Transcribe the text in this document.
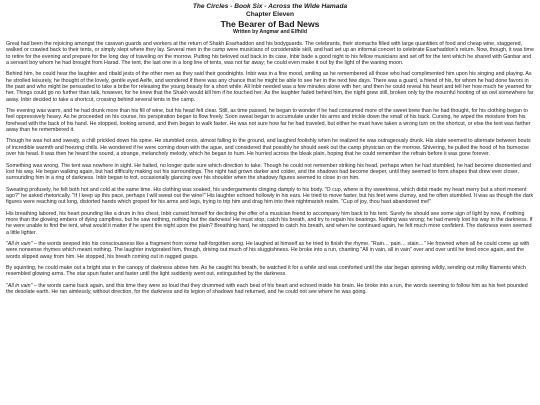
The Circles - Book Six - Across the Wide Hamada
Chapter Eleven
The Bearer of Bad News
Written by Angmar and Elfhild

Great had been the rejoicing amongst the caravan guards and workers at the return of Shakh Esarhaddon and his bodyguards. The celebrants, their stomachs filled with large quantities of food and cheap wine, staggered, walked or crawled back to their tents, or simply slept where they lay. Several men in the camp were musicians of considerable skill, and had set up an informal concert to celebrate Esarhaddon's return. Now, though, it was time to retire for the evening and prepare for the long day of traveling on the morrow. Putting his beloved oud back in its case, Inbir bade a good night to his fellow musicians and set off for the tent which he shared with Ganbar and a servant boy whom he had brought from Harad. The tent, the last one in a long line of tents, was not far away; he could even make it out by the light of the waning moon.

Behind him, he could hear the laughter and ribald jests of the other men as they said their goodnights. Inbir was in a fine mood, smiling as he remembered all those who had complimented him upon his singing and playing. As he strolled leisurely, he thought of the lovely, gentle eyed Aelfe, and wondered if there was any chance that he might be able to see her in the next few days. There was a guard, a friend of his, for whom he had done favors in the past and who might be persuaded to take a bribe for releasing the young beauty for a short while. All Inbir needed was a few minutes alone with her; and then he could reveal his heart and tell her how much he yearned for her. Things could go no further than talk, however, for he knew that the Shakh would kill him if he touched her. As the laughter faded behind him, the night grew still, broken only by the mournful hooting of an owl somewhere far away. Inbir decided to take a shortcut, crossing behind several tents in the camp.

The evening was warm, and he had drunk more than his fill of wine, but his head felt clear. Still, as time passed, he began to wonder if he had consumed more of the sweet brew than he had thought, for his clothing began to feel oppressively heavy. As he proceeded on his course, his perspiration began to flow freely. Soon sweat began to accumulate under his arms and trickle down the small of his back. Cursing, he wiped the moisture from his forehead with the back of his hand. He stopped, looking around, and then began to walk faster. He was not sure how far he had traveled, but either he must have taken a wrong turn on the shortcut, or else the tent was farther away than he remembered it.

Though he was hot and sweaty, a chill prickled down his spine. He stumbled once, almost falling to the ground, and laughed foolishly when he realized he was outrageously drunk. His state seemed to alternate between bouts of incredible warmth and freezing chills. He wondered if he were coming down with the ague, and considered that possibly he should seek out the camp physician on the morrow. Shivering, he pulled the hood of his burnoose over his head. It was then he heard the sound, a strange, melancholy melody, which he began to hum. He hurried across the bleak plain, hoping that he could remember the refrain before it was gone forever.

Something was wrong. The tent was nowhere in sight. He halted, no longer quite sure which direction to take. Though he could not remember striking his head, perhaps when he had stumbled, he had become disoriented and lost his way. He began walking again, but had difficulty making out his surroundings. The night had grown darker and colder, and the shadows had become deeper, until they seemed to form shapes that drew ever closer, surrounding him in a ring of darkness. Inbir began to trot, occasionally glancing over his shoulder when the shadowy figures seemed to close in on him.

Sweating profusely, he felt both hot and cold at the same time. His clothing was soaked, his undergarments clinging damply to his body. "O cup, where is thy sweetness, which didst made my heart merry but a short moment ago?" he asked rhetorically. "If I keep up this pace, perhaps I will sweat out the wine!" His laughter echoed hollowly in his ears. He tried to move faster, but his feet were clumsy, and he often stumbled. It was as though the dark figures were reaching out long, distorted hands which groped for his arms and legs, trying to trip him and drag him into their nightmarish realm. "Cup of joy, thou hast abandoned me!"

His breathing labored, his heart pounding like a drum in his chest, Inbir cursed himself for declining the offer of a musician friend to accompany him back to his tent. Surely he should see some sign of light by now, if nothing more than the glowing embers of dying campfires, but he saw nothing, nothing but the darkness! He must stop, catch his breath, and try to regain his bearings. Nothing was wrong; he had merely lost his way in the darkness. If he were unable to find the tent, what would it matter if he spent the night upon the plain? Breathing hard, he stopped to catch his breath, and when he continued again, he felt much more confident. The darkness even seemed a little lighter.

"All in vain" – the words seeped into his consciousness like a fragment from some half-forgotten song. He laughed at himself as he tried to finish the rhyme. "Rain… pain… stain…" He frowned when all he could come up with were nonsense rhymes which meant nothing. The laughter invigorated him, though, driving out much of his sluggishness. He broke into a run, chanting "All in vain, all in vain" over and over until he tired once again, and the words slipped away from him. He stopped, his breath coming out in ragged gasps.

By squinting, he could make out a bright star in the canopy of darkness above him. As he caught his breath, he watched it for a while and was comforted until the star began spinning wildly, sending out milky filaments which resembled glowing arms. The star spun faster and faster until the light suddenly went out, extinguished by the darkness.

"All in vain" – the words came back again, and this time they were so loud that they drummed with each beat of his heart and echoed inside his brain. He broke into a run, the words seeming to follow him as his feet pounded the desolate earth. He ran aimlessly, without direction, for the darkness and its legion of shadows had returned, and he could not see where he was going.
